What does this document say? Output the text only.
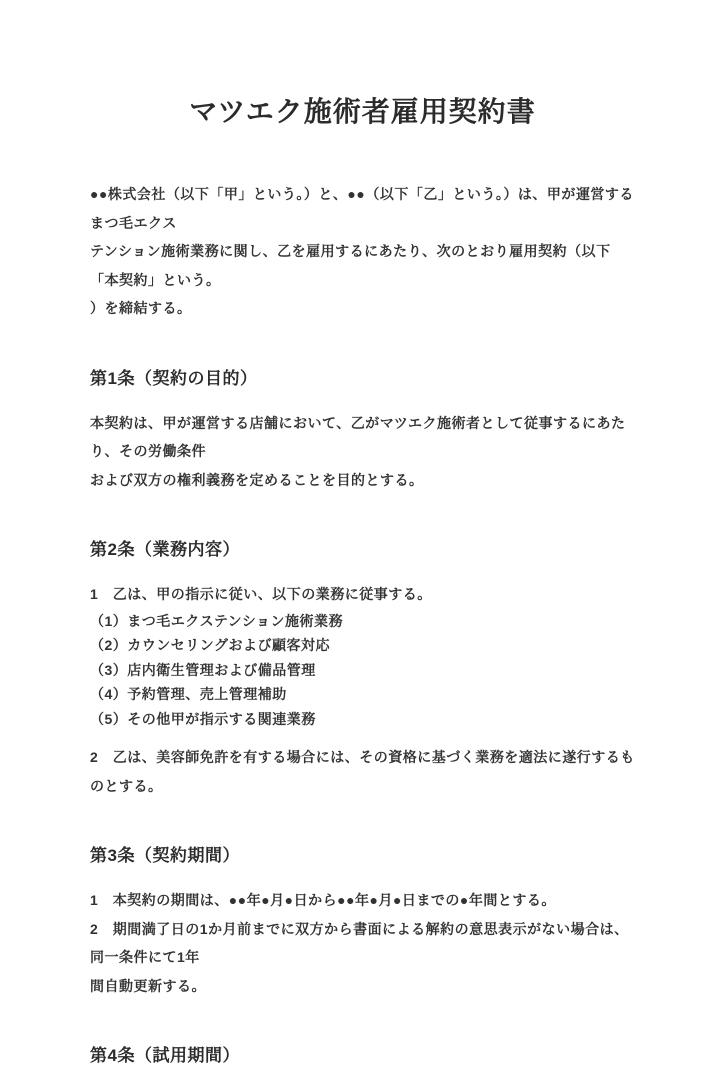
マツエク施術者雇用契約書

●●株式会社（以下「甲」という。）と、●●（以下「乙」という。）は、甲が運営するまつ毛エクス
テンション施術業務に関し、乙を雇用するにあたり、次のとおり雇用契約（以下「本契約」という。
）を締結する。

第1条（契約の目的）

本契約は、甲が運営する店舗において、乙がマツエク施術者として従事するにあたり、その労働条件
および双方の権利義務を定めることを目的とする。

第2条（業務内容）

1　乙は、甲の指示に従い、以下の業務に従事する。

（1）まつ毛エクステンション施術業務

（2）カウンセリングおよび顧客対応

（3）店内衛生管理および備品管理

（4）予約管理、売上管理補助

（5）その他甲が指示する関連業務

2　乙は、美容師免許を有する場合には、その資格に基づく業務を適法に遂行するものとする。

第3条（契約期間）

1　本契約の期間は、●●年●月●日から●●年●月●日までの●年間とする。

2　期間満了日の1か月前までに双方から書面による解約の意思表示がない場合は、同一条件にて1年
間自動更新する。

第4条（試用期間）
